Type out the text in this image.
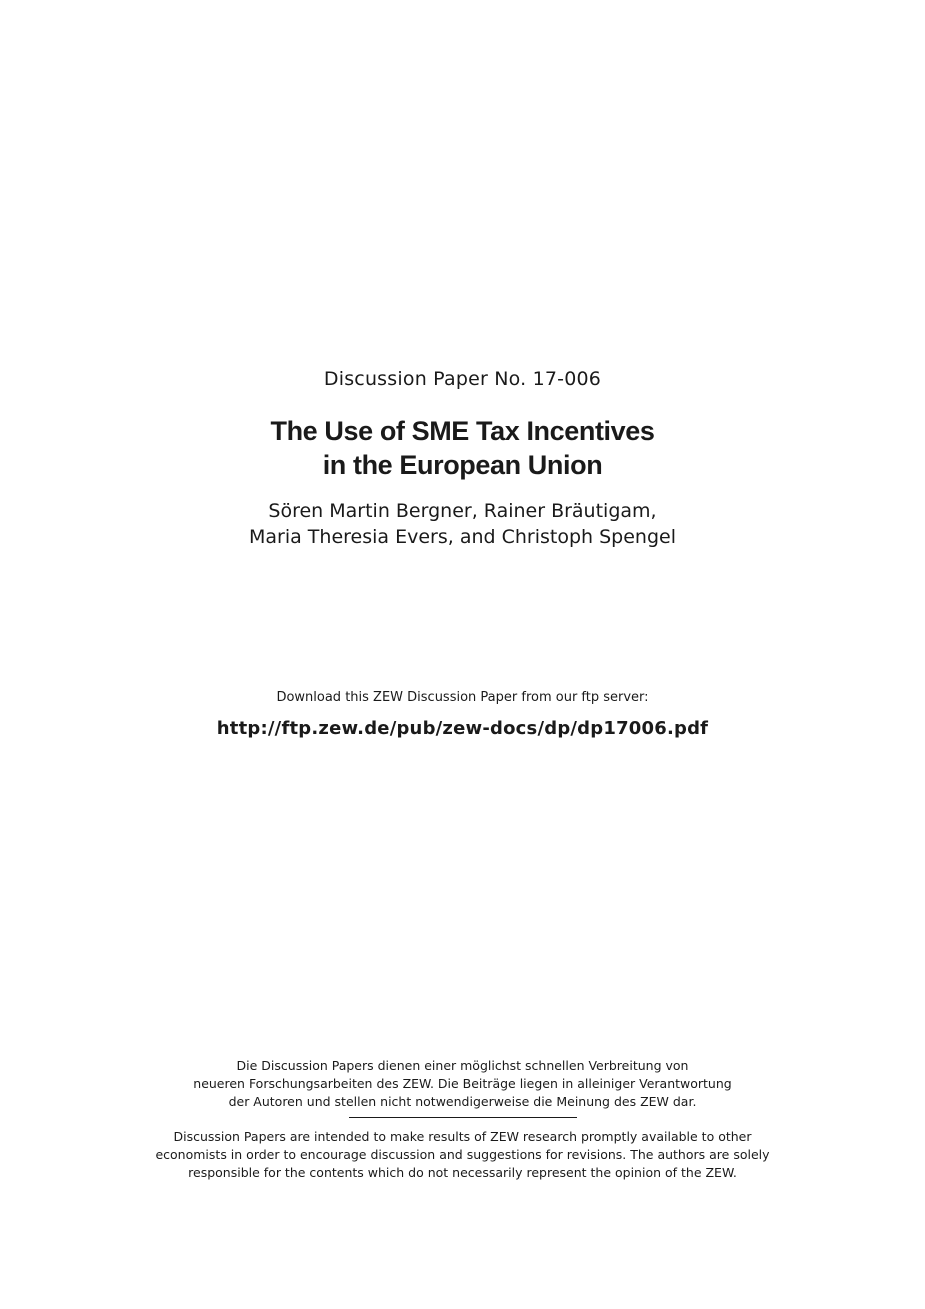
Discussion Paper No. 17-006
The Use of SME Tax Incentives
in the European Union
Sören Martin Bergner, Rainer Bräutigam,
Maria Theresia Evers, and Christoph Spengel
Download this ZEW Discussion Paper from our ftp server:
http://ftp.zew.de/pub/zew-docs/dp/dp17006.pdf
Die Discussion Papers dienen einer möglichst schnellen Verbreitung von
neueren Forschungsarbeiten des ZEW. Die Beiträge liegen in alleiniger Verantwortung
der Autoren und stellen nicht notwendigerweise die Meinung des ZEW dar.
Discussion Papers are intended to make results of ZEW research promptly available to other
economists in order to encourage discussion and suggestions for revisions. The authors are solely
responsible for the contents which do not necessarily represent the opinion of the ZEW.
